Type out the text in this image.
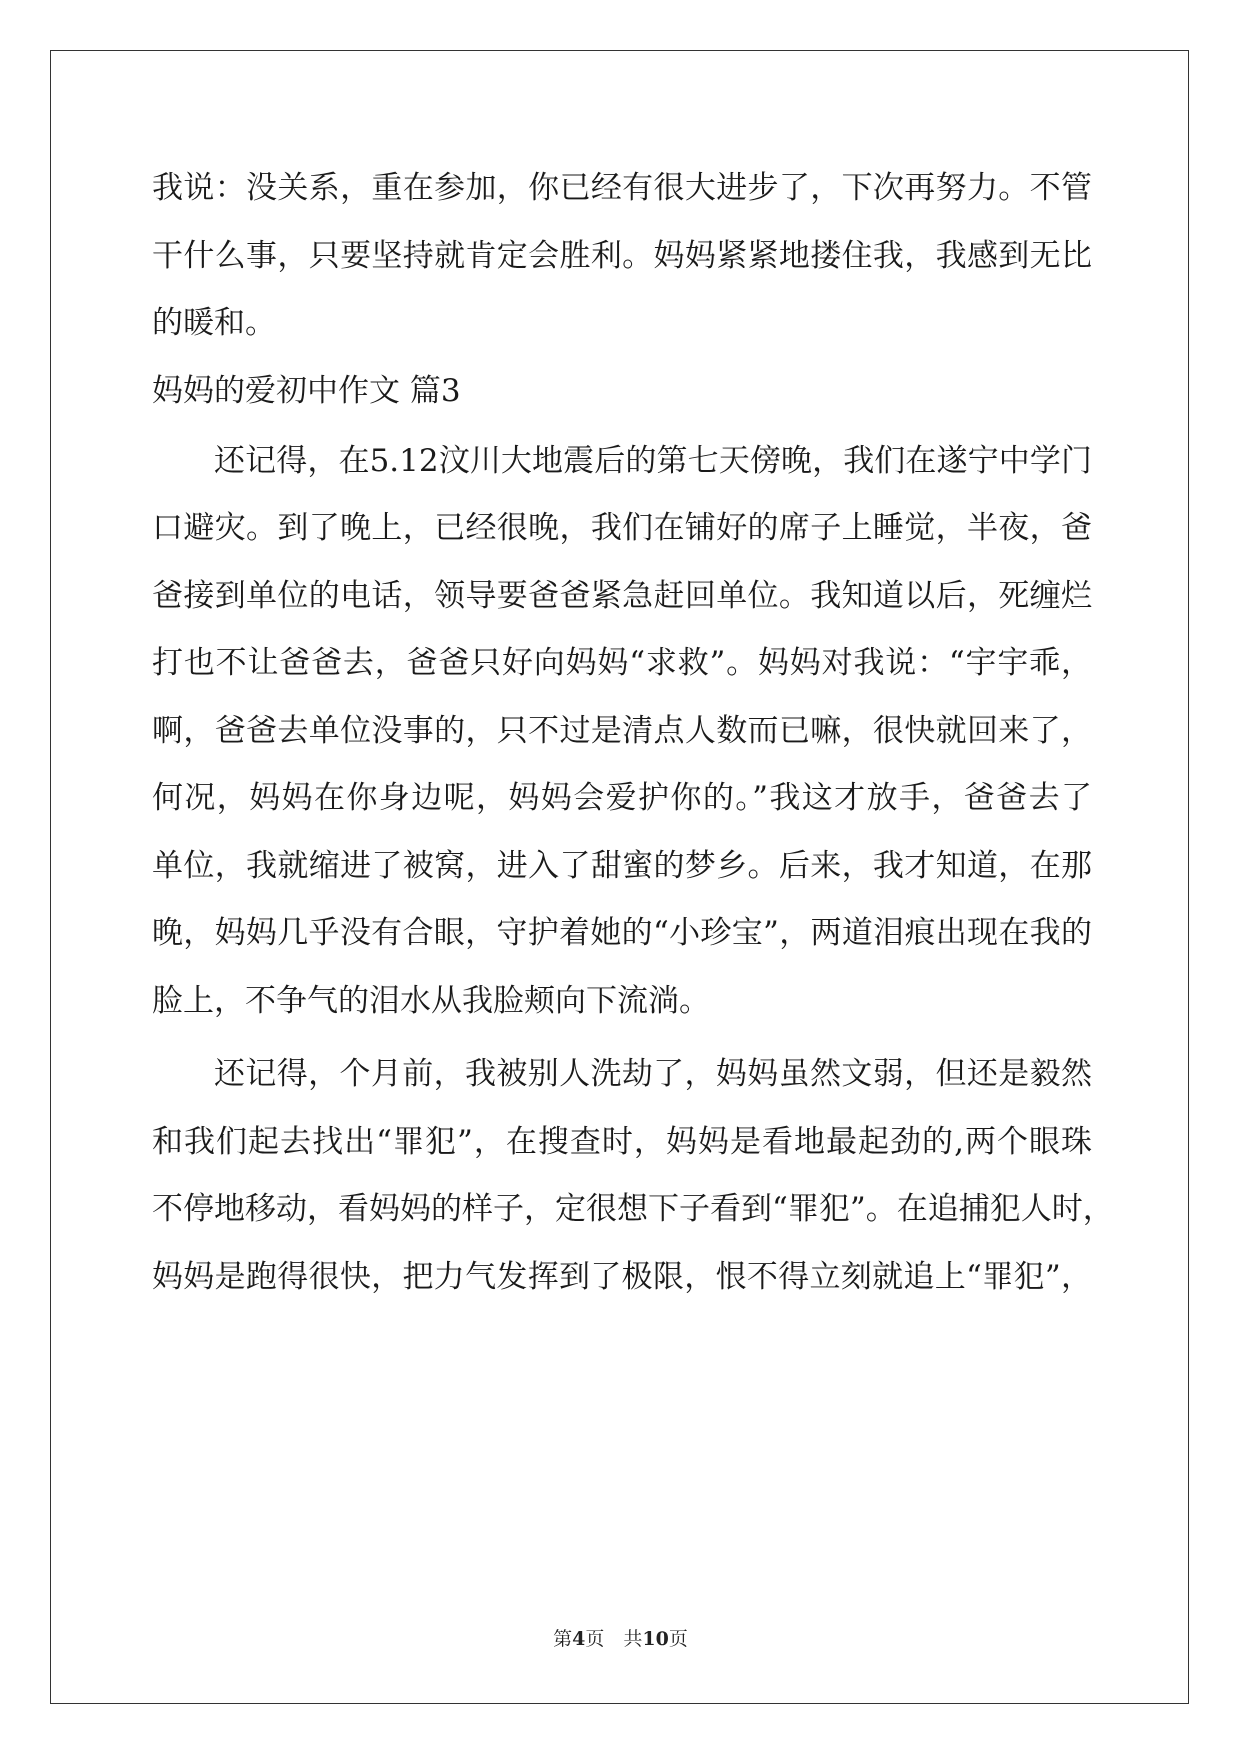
我说：没关系，重在参加，你已经有很大进步了，下次再努力。不管
干什么事，只要坚持就肯定会胜利。妈妈紧紧地搂住我，我感到无比
的暖和。
妈妈的爱初中作文 篇3
还记得，在5.12汶川大地震后的第七天傍晚，我们在遂宁中学门
口避灾。到了晚上，已经很晚，我们在铺好的席子上睡觉，半夜，爸
爸接到单位的电话，领导要爸爸紧急赶回单位。我知道以后，死缠烂
打也不让爸爸去，爸爸只好向妈妈“求救”。妈妈对我说：“宇宇乖，
啊，爸爸去单位没事的，只不过是清点人数而已嘛，很快就回来了，
何况，妈妈在你身边呢，妈妈会爱护你的。”我这才放手，爸爸去了
单位，我就缩进了被窝，进入了甜蜜的梦乡。后来，我才知道，在那
晚，妈妈几乎没有合眼，守护着她的“小珍宝”，两道泪痕出现在我的
脸上，不争气的泪水从我脸颊向下流淌。
还记得，个月前，我被别人洗劫了，妈妈虽然文弱，但还是毅然
和我们起去找出“罪犯”，在搜查时，妈妈是看地最起劲的,两个眼珠
不停地移动，看妈妈的样子，定很想下子看到“罪犯”。在追捕犯人时，
妈妈是跑得很快，把力气发挥到了极限，恨不得立刻就追上“罪犯”，
第4页　共10页
